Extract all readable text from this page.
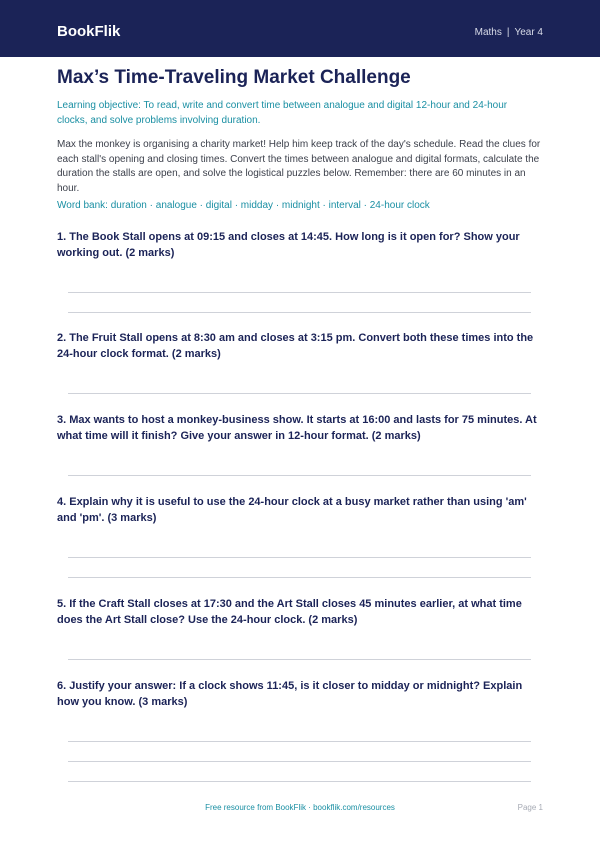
BookFlik	Maths | Year 4
Max’s Time-Traveling Market Challenge
Learning objective: To read, write and convert time between analogue and digital 12-hour and 24-hour clocks, and solve problems involving duration.
Max the monkey is organising a charity market! Help him keep track of the day's schedule. Read the clues for each stall's opening and closing times. Convert the times between analogue and digital formats, calculate the duration the stalls are open, and solve the logistical puzzles below. Remember: there are 60 minutes in an hour.
Word bank: duration · analogue · digital · midday · midnight · interval · 24-hour clock
1. The Book Stall opens at 09:15 and closes at 14:45. How long is it open for? Show your working out. (2 marks)
2. The Fruit Stall opens at 8:30 am and closes at 3:15 pm. Convert both these times into the 24-hour clock format. (2 marks)
3. Max wants to host a monkey-business show. It starts at 16:00 and lasts for 75 minutes. At what time will it finish? Give your answer in 12-hour format. (2 marks)
4. Explain why it is useful to use the 24-hour clock at a busy market rather than using 'am' and 'pm'. (3 marks)
5. If the Craft Stall closes at 17:30 and the Art Stall closes 45 minutes earlier, at what time does the Art Stall close? Use the 24-hour clock. (2 marks)
6. Justify your answer: If a clock shows 11:45, is it closer to midday or midnight? Explain how you know. (3 marks)
Free resource from BookFlik · bookflik.com/resources	Page 1
